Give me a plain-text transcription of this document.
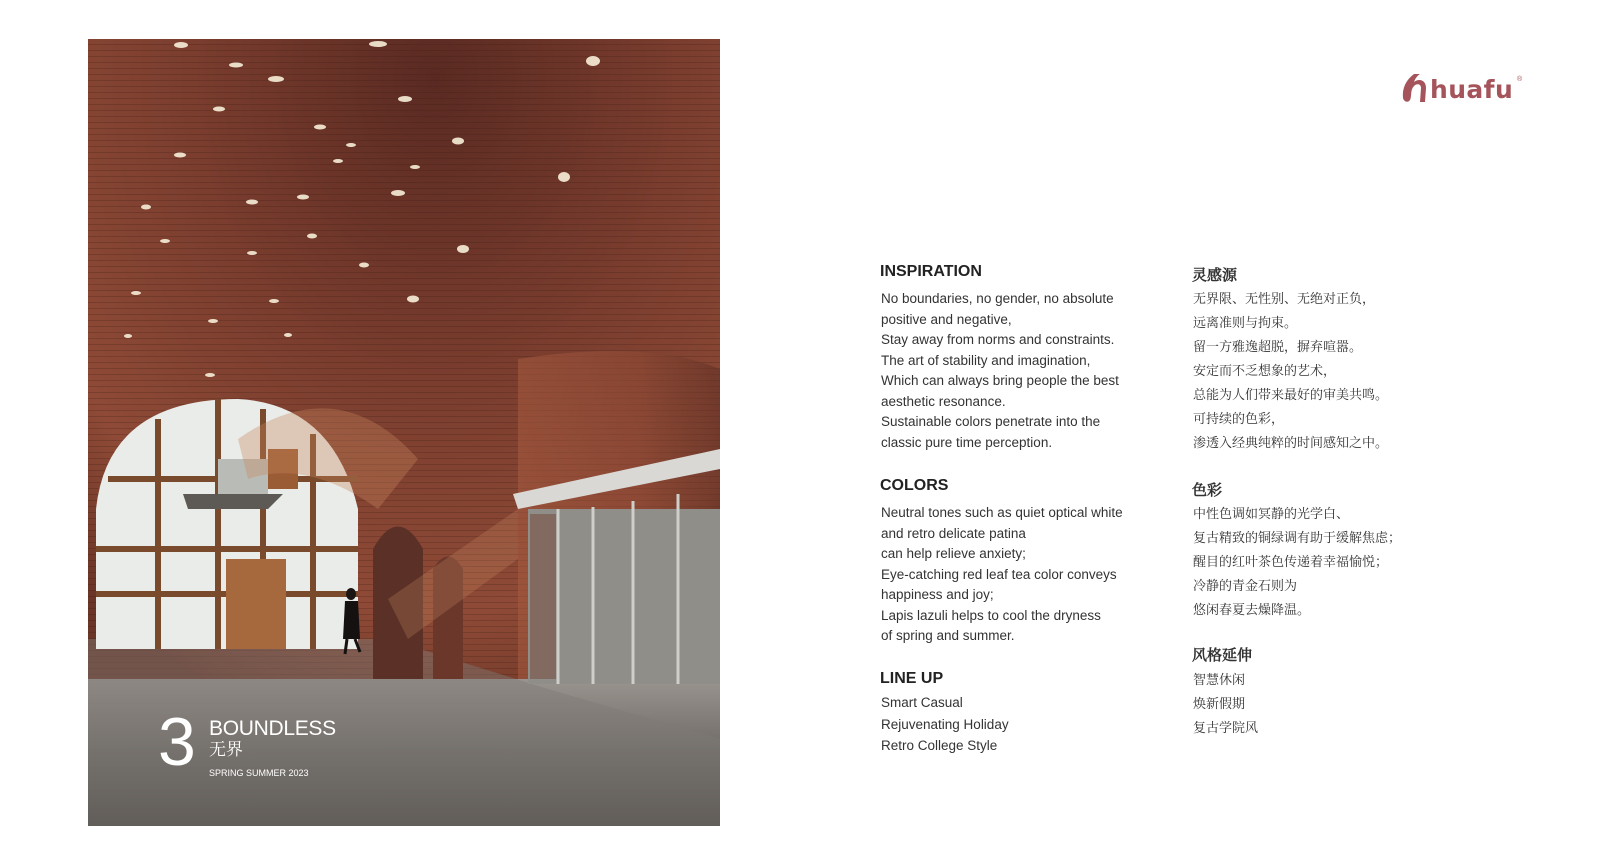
3 BOUNDLESS
无界
SPRING SUMMER 2023
huafu ®
INSPIRATION
No boundaries, no gender, no absolute
positive and negative,
Stay away from norms and constraints.
The art of stability and imagination,
Which can always bring people the best
aesthetic resonance.
Sustainable colors penetrate into the
classic pure time perception.
COLORS
Neutral tones such as quiet optical white
and retro delicate patina
can help relieve anxiety;
Eye-catching red leaf tea color conveys
happiness and joy;
Lapis lazuli helps to cool the dryness
of spring and summer.
LINE UP
Smart Casual
Rejuvenating Holiday
Retro College Style
灵感源
无界限、无性别、无绝对正负，
远离准则与拘束。
留一方雅逸超脱，摒弃喧嚣。
安定而不乏想象的艺术，
总能为人们带来最好的审美共鸣。
可持续的色彩，
渗透入经典纯粹的时间感知之中。
色彩
中性色调如冥静的光学白、
复古精致的铜绿调有助于缓解焦虑；
醒目的红叶茶色传递着幸福愉悦；
冷静的青金石则为
悠闲春夏去燥降温。
风格延伸
智慧休闲
焕新假期
复古学院风
